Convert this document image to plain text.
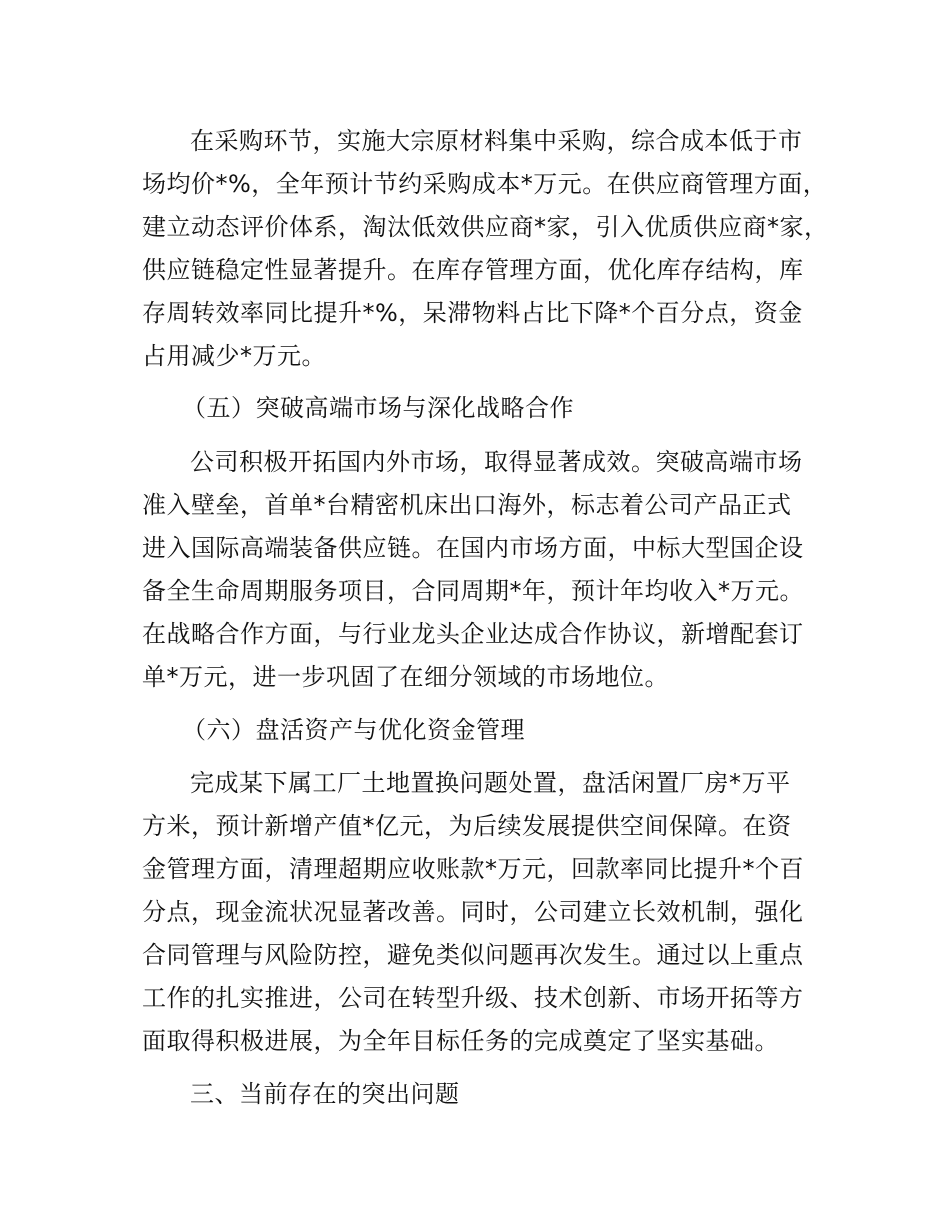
在采购环节，实施大宗原材料集中采购，综合成本低于市
场均价*%，全年预计节约采购成本*万元。在供应商管理方面，
建立动态评价体系，淘汰低效供应商*家，引入优质供应商*家，
供应链稳定性显著提升。在库存管理方面，优化库存结构，库
存周转效率同比提升*%，呆滞物料占比下降*个百分点，资金
占用减少*万元。
（五）突破高端市场与深化战略合作
公司积极开拓国内外市场，取得显著成效。突破高端市场
准入壁垒，首单*台精密机床出口海外，标志着公司产品正式
进入国际高端装备供应链。在国内市场方面，中标大型国企设
备全生命周期服务项目，合同周期*年，预计年均收入*万元。
在战略合作方面，与行业龙头企业达成合作协议，新增配套订
单*万元，进一步巩固了在细分领域的市场地位。
（六）盘活资产与优化资金管理
完成某下属工厂土地置换问题处置，盘活闲置厂房*万平
方米，预计新增产值*亿元，为后续发展提供空间保障。在资
金管理方面，清理超期应收账款*万元，回款率同比提升*个百
分点，现金流状况显著改善。同时，公司建立长效机制，强化
合同管理与风险防控，避免类似问题再次发生。通过以上重点
工作的扎实推进，公司在转型升级、技术创新、市场开拓等方
面取得积极进展，为全年目标任务的完成奠定了坚实基础。
三、当前存在的突出问题
